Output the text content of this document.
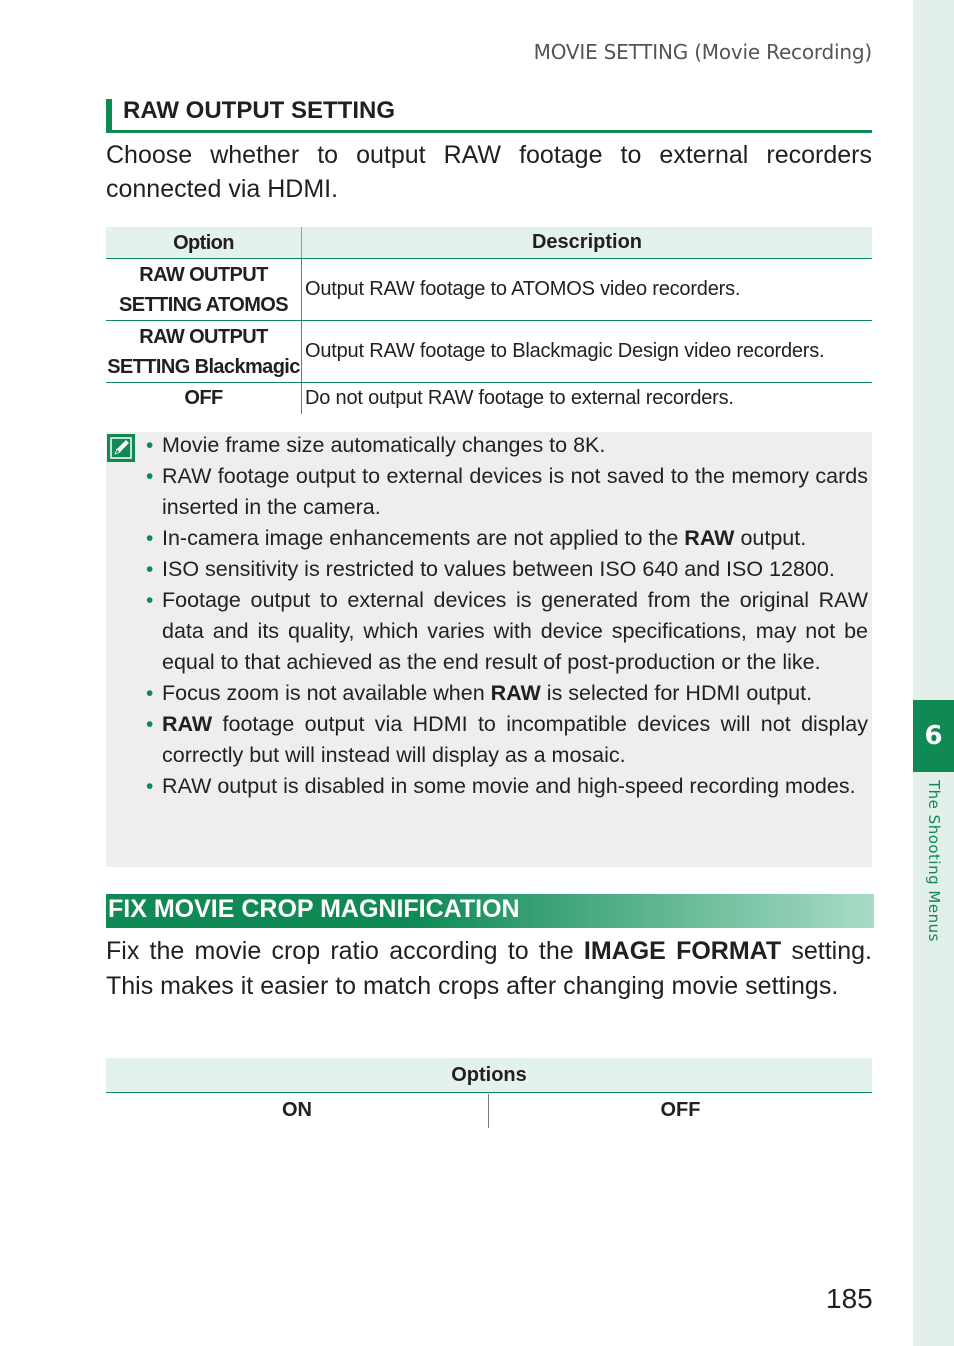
MOVIE SETTING (Movie Recording)
6
The Shooting Menus
RAW OUTPUT SETTING
Choose whether to output RAW footage to external recorders connected via HDMI.
Option	Description

RAW OUTPUT
SETTING ATOMOS	Output RAW footage to ATOMOS video recorders.

RAW OUTPUT
SETTING Blackmagic	Output RAW footage to Blackmagic Design video recorders.

OFF	Do not output RAW footage to external recorders.
• Movie frame size automatically changes to 8K.
• RAW footage output to external devices is not saved to the memory cards inserted in the camera.
• In-camera image enhancements are not applied to the RAW output.
• ISO sensitivity is restricted to values between ISO 640 and ISO 12800.
• Footage output to external devices is generated from the original RAW data and its quality, which varies with device specifications, may not be equal to that achieved as the end result of post-production or the like.
• Focus zoom is not available when RAW is selected for HDMI output.
• RAW footage output via HDMI to incompatible devices will not display correctly but will instead will display as a mosaic.
• RAW output is disabled in some movie and high-speed recording modes.
FIX MOVIE CROP MAGNIFICATION
Fix the movie crop ratio according to the IMAGE FORMAT setting. This makes it easier to match crops after changing movie settings.
Options
ON	OFF
185
